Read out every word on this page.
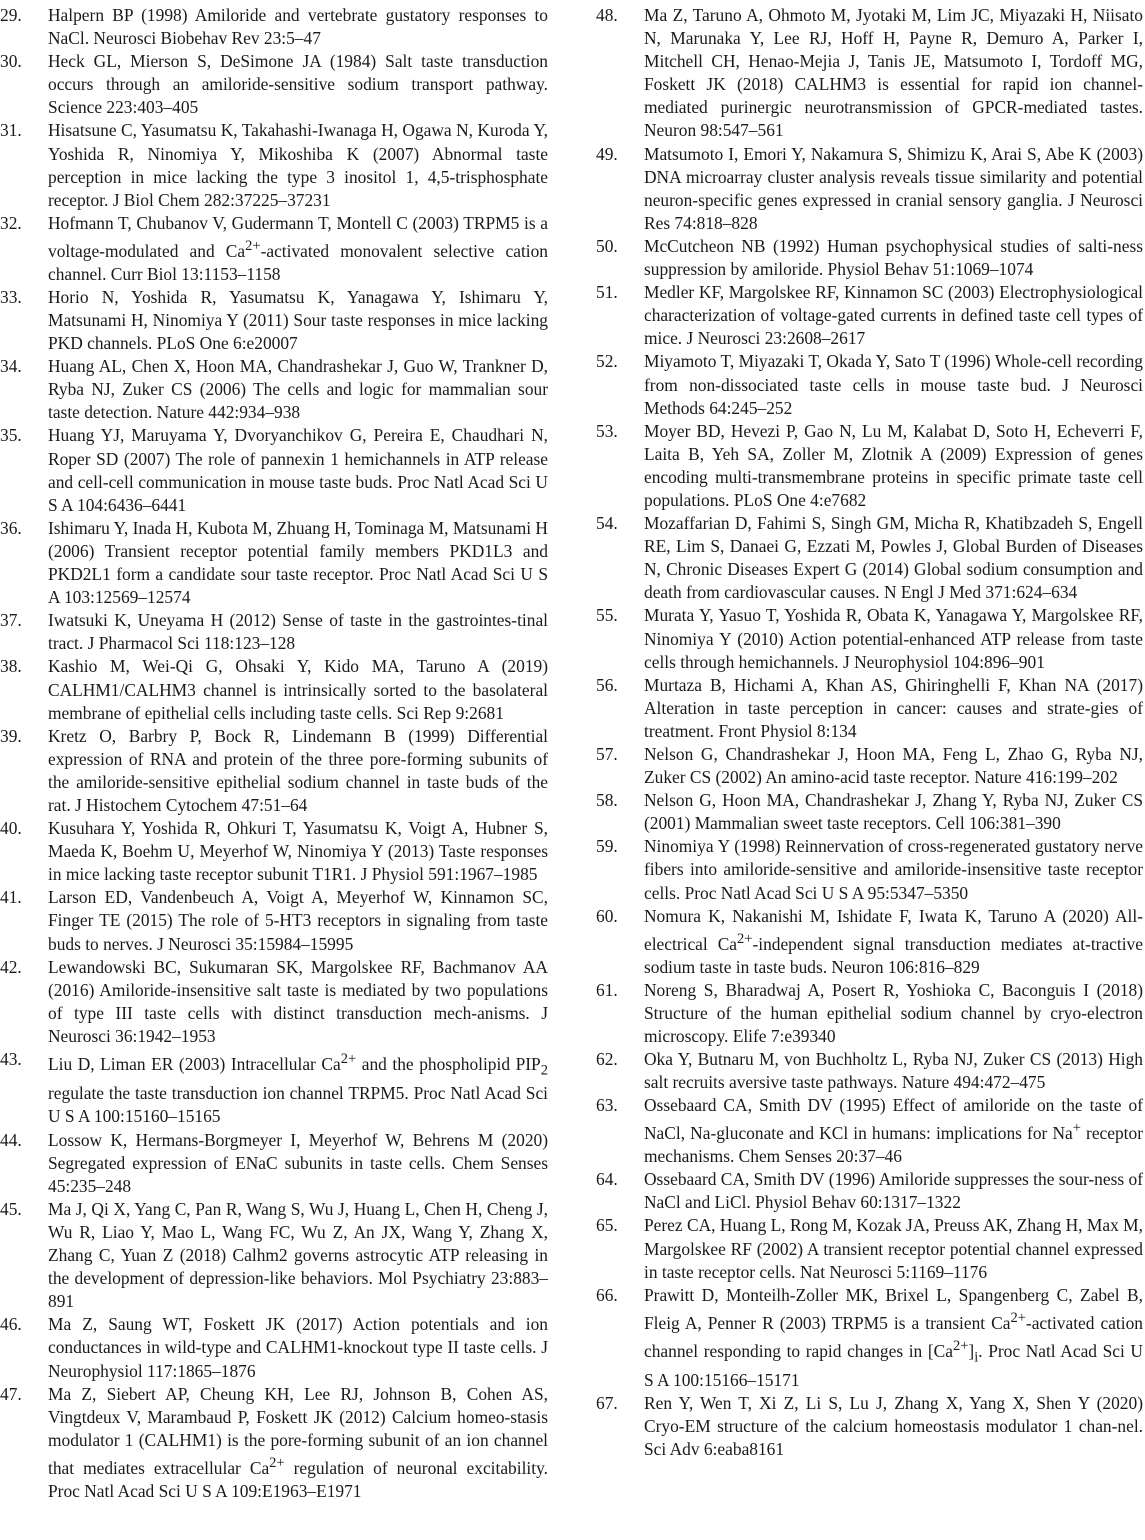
29.	Halpern BP (1998) Amiloride and vertebrate gustatory responses to NaCl. Neurosci Biobehav Rev 23:5–47
30.	Heck GL, Mierson S, DeSimone JA (1984) Salt taste transduction occurs through an amiloride-sensitive sodium transport pathway. Science 223:403–405
31.	Hisatsune C, Yasumatsu K, Takahashi-Iwanaga H, Ogawa N, Kuroda Y, Yoshida R, Ninomiya Y, Mikoshiba K (2007) Abnormal taste perception in mice lacking the type 3 inositol 1, 4,5-trisphosphate receptor. J Biol Chem 282:37225–37231
32.	Hofmann T, Chubanov V, Gudermann T, Montell C (2003) TRPM5 is a voltage-modulated and $Ca^{2+}$-activated monovalent selective cation channel. Curr Biol 13:1153–1158
33.	Horio N, Yoshida R, Yasumatsu K, Yanagawa Y, Ishimaru Y, Matsunami H, Ninomiya Y (2011) Sour taste responses in mice lacking PKD channels. PLoS One 6:e20007
34.	Huang AL, Chen X, Hoon MA, Chandrashekar J, Guo W, Trankner D, Ryba NJ, Zuker CS (2006) The cells and logic for mammalian sour taste detection. Nature 442:934–938
35.	Huang YJ, Maruyama Y, Dvoryanchikov G, Pereira E, Chaudhari N, Roper SD (2007) The role of pannexin 1 hemichannels in ATP release and cell-cell communication in mouse taste buds. Proc Natl Acad Sci U S A 104:6436–6441
36.	Ishimaru Y, Inada H, Kubota M, Zhuang H, Tominaga M, Matsunami H (2006) Transient receptor potential family members PKD1L3 and PKD2L1 form a candidate sour taste receptor. Proc Natl Acad Sci U S A 103:12569–12574
37.	Iwatsuki K, Uneyama H (2012) Sense of taste in the gastrointes-tinal tract. J Pharmacol Sci 118:123–128
38.	Kashio M, Wei-Qi G, Ohsaki Y, Kido MA, Taruno A (2019) CALHM1/CALHM3 channel is intrinsically sorted to the basolateral membrane of epithelial cells including taste cells. Sci Rep 9:2681
39.	Kretz O, Barbry P, Bock R, Lindemann B (1999) Differential expression of RNA and protein of the three pore-forming subunits of the amiloride-sensitive epithelial sodium channel in taste buds of the rat. J Histochem Cytochem 47:51–64
40.	Kusuhara Y, Yoshida R, Ohkuri T, Yasumatsu K, Voigt A, Hubner S, Maeda K, Boehm U, Meyerhof W, Ninomiya Y (2013) Taste responses in mice lacking taste receptor subunit T1R1. J Physiol 591:1967–1985
41.	Larson ED, Vandenbeuch A, Voigt A, Meyerhof W, Kinnamon SC, Finger TE (2015) The role of 5-HT3 receptors in signaling from taste buds to nerves. J Neurosci 35:15984–15995
42.	Lewandowski BC, Sukumaran SK, Margolskee RF, Bachmanov AA (2016) Amiloride-insensitive salt taste is mediated by two populations of type III taste cells with distinct transduction mech-anisms. J Neurosci 36:1942–1953
43.	Liu D, Liman ER (2003) Intracellular $Ca^{2+}$ and the phospholipid $PIP_2$ regulate the taste transduction ion channel TRPM5. Proc Natl Acad Sci U S A 100:15160–15165
44.	Lossow K, Hermans-Borgmeyer I, Meyerhof W, Behrens M (2020) Segregated expression of ENaC subunits in taste cells. Chem Senses 45:235–248
45.	Ma J, Qi X, Yang C, Pan R, Wang S, Wu J, Huang L, Chen H, Cheng J, Wu R, Liao Y, Mao L, Wang FC, Wu Z, An JX, Wang Y, Zhang X, Zhang C, Yuan Z (2018) Calhm2 governs astrocytic ATP releasing in the development of depression-like behaviors. Mol Psychiatry 23:883–891
46.	Ma Z, Saung WT, Foskett JK (2017) Action potentials and ion conductances in wild-type and CALHM1-knockout type II taste cells. J Neurophysiol 117:1865–1876
47.	Ma Z, Siebert AP, Cheung KH, Lee RJ, Johnson B, Cohen AS, Vingtdeux V, Marambaud P, Foskett JK (2012) Calcium homeo-stasis modulator 1 (CALHM1) is the pore-forming subunit of an ion channel that mediates extracellular $Ca^{2+}$ regulation of neuronal excitability. Proc Natl Acad Sci U S A 109:E1963–E1971
48.	Ma Z, Taruno A, Ohmoto M, Jyotaki M, Lim JC, Miyazaki H, Niisato N, Marunaka Y, Lee RJ, Hoff H, Payne R, Demuro A, Parker I, Mitchell CH, Henao-Mejia J, Tanis JE, Matsumoto I, Tordoff MG, Foskett JK (2018) CALHM3 is essential for rapid ion channel-mediated purinergic neurotransmission of GPCR-mediated tastes. Neuron 98:547–561
49.	Matsumoto I, Emori Y, Nakamura S, Shimizu K, Arai S, Abe K (2003) DNA microarray cluster analysis reveals tissue similarity and potential neuron-specific genes expressed in cranial sensory ganglia. J Neurosci Res 74:818–828
50.	McCutcheon NB (1992) Human psychophysical studies of salti-ness suppression by amiloride. Physiol Behav 51:1069–1074
51.	Medler KF, Margolskee RF, Kinnamon SC (2003) Electrophysiological characterization of voltage-gated currents in defined taste cell types of mice. J Neurosci 23:2608–2617
52.	Miyamoto T, Miyazaki T, Okada Y, Sato T (1996) Whole-cell recording from non-dissociated taste cells in mouse taste bud. J Neurosci Methods 64:245–252
53.	Moyer BD, Hevezi P, Gao N, Lu M, Kalabat D, Soto H, Echeverri F, Laita B, Yeh SA, Zoller M, Zlotnik A (2009) Expression of genes encoding multi-transmembrane proteins in specific primate taste cell populations. PLoS One 4:e7682
54.	Mozaffarian D, Fahimi S, Singh GM, Micha R, Khatibzadeh S, Engell RE, Lim S, Danaei G, Ezzati M, Powles J, Global Burden of Diseases N, Chronic Diseases Expert G (2014) Global sodium consumption and death from cardiovascular causes. N Engl J Med 371:624–634
55.	Murata Y, Yasuo T, Yoshida R, Obata K, Yanagawa Y, Margolskee RF, Ninomiya Y (2010) Action potential-enhanced ATP release from taste cells through hemichannels. J Neurophysiol 104:896–901
56.	Murtaza B, Hichami A, Khan AS, Ghiringhelli F, Khan NA (2017) Alteration in taste perception in cancer: causes and strate-gies of treatment. Front Physiol 8:134
57.	Nelson G, Chandrashekar J, Hoon MA, Feng L, Zhao G, Ryba NJ, Zuker CS (2002) An amino-acid taste receptor. Nature 416:199–202
58.	Nelson G, Hoon MA, Chandrashekar J, Zhang Y, Ryba NJ, Zuker CS (2001) Mammalian sweet taste receptors. Cell 106:381–390
59.	Ninomiya Y (1998) Reinnervation of cross-regenerated gustatory nerve fibers into amiloride-sensitive and amiloride-insensitive taste receptor cells. Proc Natl Acad Sci U S A 95:5347–5350
60.	Nomura K, Nakanishi M, Ishidate F, Iwata K, Taruno A (2020) All-electrical $Ca^{2+}$-independent signal transduction mediates at-tractive sodium taste in taste buds. Neuron 106:816–829
61.	Noreng S, Bharadwaj A, Posert R, Yoshioka C, Baconguis I (2018) Structure of the human epithelial sodium channel by cryo-electron microscopy. Elife 7:e39340
62.	Oka Y, Butnaru M, von Buchholtz L, Ryba NJ, Zuker CS (2013) High salt recruits aversive taste pathways. Nature 494:472–475
63.	Ossebaard CA, Smith DV (1995) Effect of amiloride on the taste of NaCl, Na-gluconate and KCl in humans: implications for Na+ receptor mechanisms. Chem Senses 20:37–46
64.	Ossebaard CA, Smith DV (1996) Amiloride suppresses the sour-ness of NaCl and LiCl. Physiol Behav 60:1317–1322
65.	Perez CA, Huang L, Rong M, Kozak JA, Preuss AK, Zhang H, Max M, Margolskee RF (2002) A transient receptor potential channel expressed in taste receptor cells. Nat Neurosci 5:1169–1176
66.	Prawitt D, Monteilh-Zoller MK, Brixel L, Spangenberg C, Zabel B, Fleig A, Penner R (2003) TRPM5 is a transient $Ca^{2+}$-activated cation channel responding to rapid changes in $[Ca^{2+}]_i$. Proc Natl Acad Sci U S A 100:15166–15171
67.	Ren Y, Wen T, Xi Z, Li S, Lu J, Zhang X, Yang X, Shen Y (2020) Cryo-EM structure of the calcium homeostasis modulator 1 chan-nel. Sci Adv 6:eaba8161
